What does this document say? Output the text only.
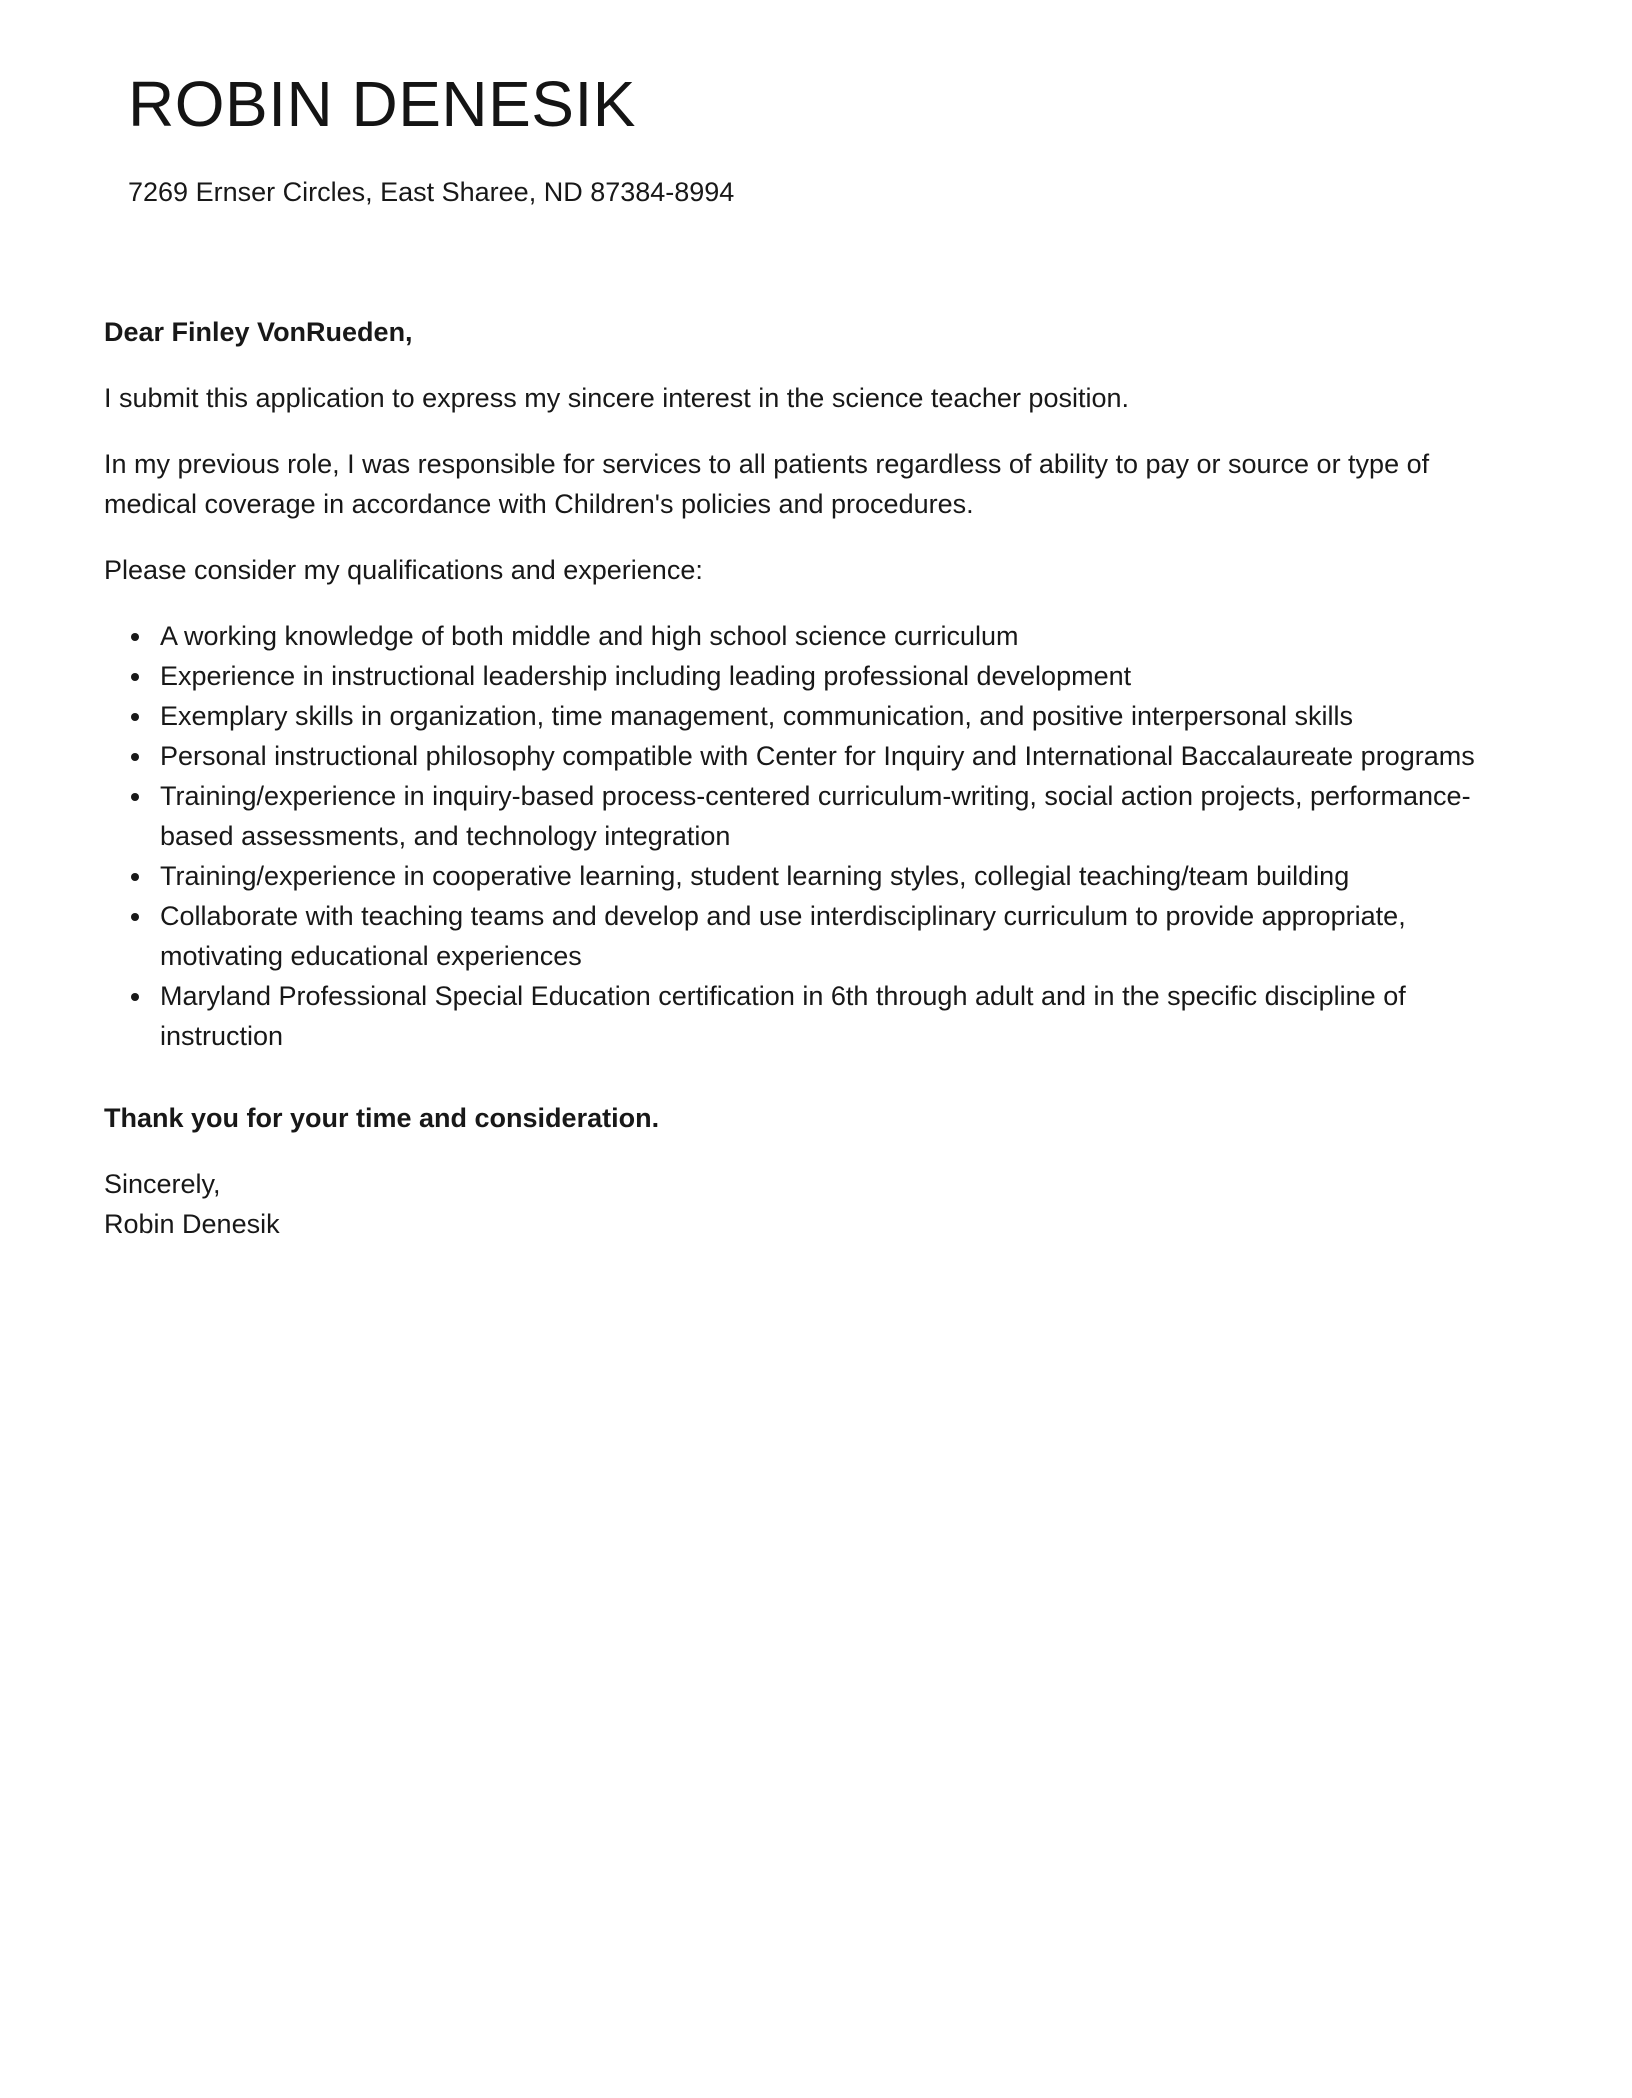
ROBIN DENESIK
7269 Ernser Circles, East Sharee, ND 87384-8994
Dear Finley VonRueden,

I submit this application to express my sincere interest in the science teacher position.

In my previous role, I was responsible for services to all patients regardless of ability to pay or source or type of medical coverage in accordance with Children's policies and procedures.

Please consider my qualifications and experience:

• A working knowledge of both middle and high school science curriculum
• Experience in instructional leadership including leading professional development
• Exemplary skills in organization, time management, communication, and positive interpersonal skills
• Personal instructional philosophy compatible with Center for Inquiry and International Baccalaureate programs
• Training/experience in inquiry-based process-centered curriculum-writing, social action projects, performance-based assessments, and technology integration
• Training/experience in cooperative learning, student learning styles, collegial teaching/team building
• Collaborate with teaching teams and develop and use interdisciplinary curriculum to provide appropriate, motivating educational experiences
• Maryland Professional Special Education certification in 6th through adult and in the specific discipline of instruction
Thank you for your time and consideration.
Sincerely,
Robin Denesik
